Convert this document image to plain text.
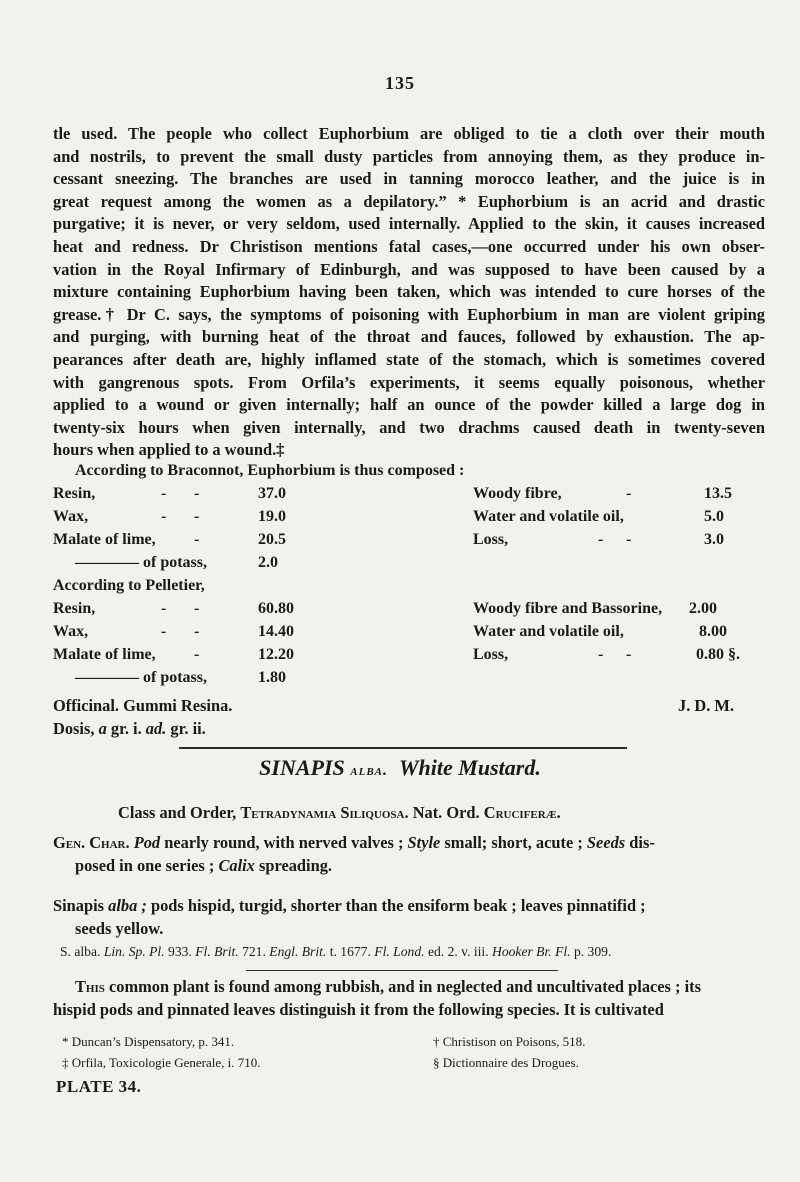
135
tle used. The people who collect Euphorbium are obliged to tie a cloth over their mouth
and nostrils, to prevent the small dusty particles from annoying them, as they produce in-
cessant sneezing. The branches are used in tanning morocco leather, and the juice is in
great request among the women as a depilatory.” * Euphorbium is an acrid and drastic
purgative; it is never, or very seldom, used internally. Applied to the skin, it causes increased
heat and redness. Dr Christison mentions fatal cases,—one occurred under his own obser-
vation in the Royal Infirmary of Edinburgh, and was supposed to have been caused by a
mixture containing Euphorbium having been taken, which was intended to cure horses of the
grease.† Dr C. says, the symptoms of poisoning with Euphorbium in man are violent griping
and purging, with burning heat of the throat and fauces, followed by exhaustion. The ap-
pearances after death are, highly inflamed state of the stomach, which is sometimes covered
with gangrenous spots. From Orfila’s experiments, it seems equally poisonous, whether
applied to a wound or given internally; half an ounce of the powder killed a large dog in
twenty-six hours when given internally, and two drachms caused death in twenty-seven
hours when applied to a wound.‡
According to Braconnot, Euphorbium is thus composed :
Resin,	- -	37.0	Woody fibre,	-	13.5
Wax,	- -	19.0	Water and volatile oil,	5.0
Malate of lime, -	20.5	Loss,	- -	3.0
———— of potass,	2.0
According to Pelletier,
Resin,	- -	60.80	Woody fibre and Bassorine, 2.00
Wax,	- -	14.40	Water and volatile oil,	8.00
Malate of lime, -	12.20	Loss,	- -	0.80 §.
———— of potass,	1.80
Officinal. Gummi Resina.	J. D. M.
Dosis, a gr. i. ad. gr. ii.
SINAPIS alba. White Mustard.
Class and Order, Tetradynamia Siliquosa. Nat. Ord. Cruciferæ.
Gen. Char. Pod nearly round, with nerved valves ; Style small; short, acute ; Seeds dis-
posed in one series ; Calix spreading.
Sinapis alba ; pods hispid, turgid, shorter than the ensiform beak ; leaves pinnatifid ;
seeds yellow.
S. alba. Lin. Sp. Pl. 933. Fl. Brit. 721. Engl. Brit. t. 1677. Fl. Lond. ed. 2. v. iii. Hooker Br. Fl. p. 309.
This common plant is found among rubbish, and in neglected and uncultivated places ; its
hispid pods and pinnated leaves distinguish it from the following species. It is cultivated
* Duncan’s Dispensatory, p. 341.
‡ Orfila, Toxicologie Generale, i. 710.
† Christison on Poisons, 518.
§ Dictionnaire des Drogues.
PLATE 34.
